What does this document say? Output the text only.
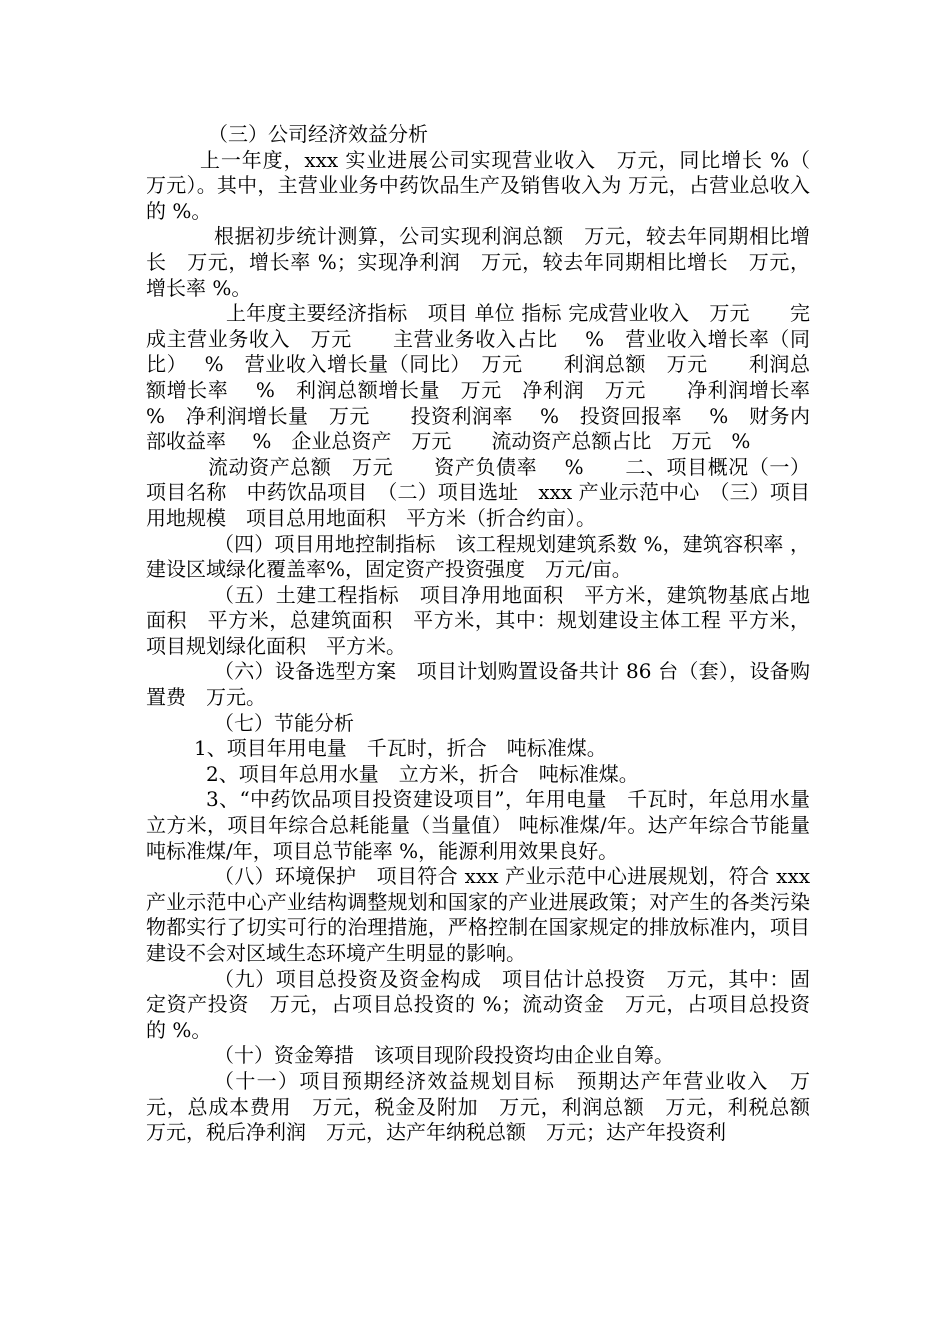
（三）公司经济效益分析

上一年度，xxx 实业进展公司实现营业收入　万元，同比增长 %（ 万元）。其中，主营业业务中药饮品生产及销售收入为 万元，占营业总收入的 %。

根据初步统计测算，公司实现利润总额　万元，较去年同期相比增长　万元，增长率 %；实现净利润　万元，较去年同期相比增长　万元，增长率 %。

上年度主要经济指标　项目 单位 指标 完成营业收入　万元　　完成主营业务收入　万元　　主营业务收入占比　 %　营业收入增长率（同比）　 %　营业收入增长量（同比）　万元　　利润总额　万元　　利润总额增长率　 %　利润总额增长量　万元　净利润　万元　　净利润增长率　 %　净利润增长量　万元　　投资利润率　 %　投资回报率　 %　财务内部收益率　 %　企业总资产　万元　　流动资产总额占比　万元　%

流动资产总额　万元　　资产负债率　 %　　二、项目概况（一）项目名称　中药饮品项目　（二）项目选址　xxx 产业示范中心　（三）项目用地规模　项目总用地面积　平方米（折合约亩）。

（四）项目用地控制指标　该工程规划建筑系数 %，建筑容积率 ，建设区域绿化覆盖率%，固定资产投资强度　万元/亩。

（五）土建工程指标　项目净用地面积　平方米，建筑物基底占地面积　平方米，总建筑面积　平方米，其中：规划建设主体工程 平方米，项目规划绿化面积　平方米。

（六）设备选型方案　项目计划购置设备共计 86 台（套），设备购置费　万元。

（七）节能分析

1、项目年用电量　千瓦时，折合　吨标准煤。

2、项目年总用水量　立方米，折合　吨标准煤。

3、“中药饮品项目投资建设项目”，年用电量　千瓦时，年总用水量　立方米，项目年综合总耗能量（当量值） 吨标准煤/年。达产年综合节能量　吨标准煤/年，项目总节能率 %，能源利用效果良好。

（八）环境保护　项目符合 xxx 产业示范中心进展规划，符合 xxx 产业示范中心产业结构调整规划和国家的产业进展政策；对产生的各类污染物都实行了切实可行的治理措施，严格控制在国家规定的排放标准内，项目建设不会对区域生态环境产生明显的影响。

（九）项目总投资及资金构成　项目估计总投资　万元，其中：固定资产投资　万元，占项目总投资的 %；流动资金　万元，占项目总投资的 %。

（十）资金筹措　该项目现阶段投资均由企业自筹。

（十一）项目预期经济效益规划目标　预期达产年营业收入　万元，总成本费用　万元，税金及附加　万元，利润总额　万元，利税总额　万元，税后净利润　万元，达产年纳税总额　万元；达产年投资利
